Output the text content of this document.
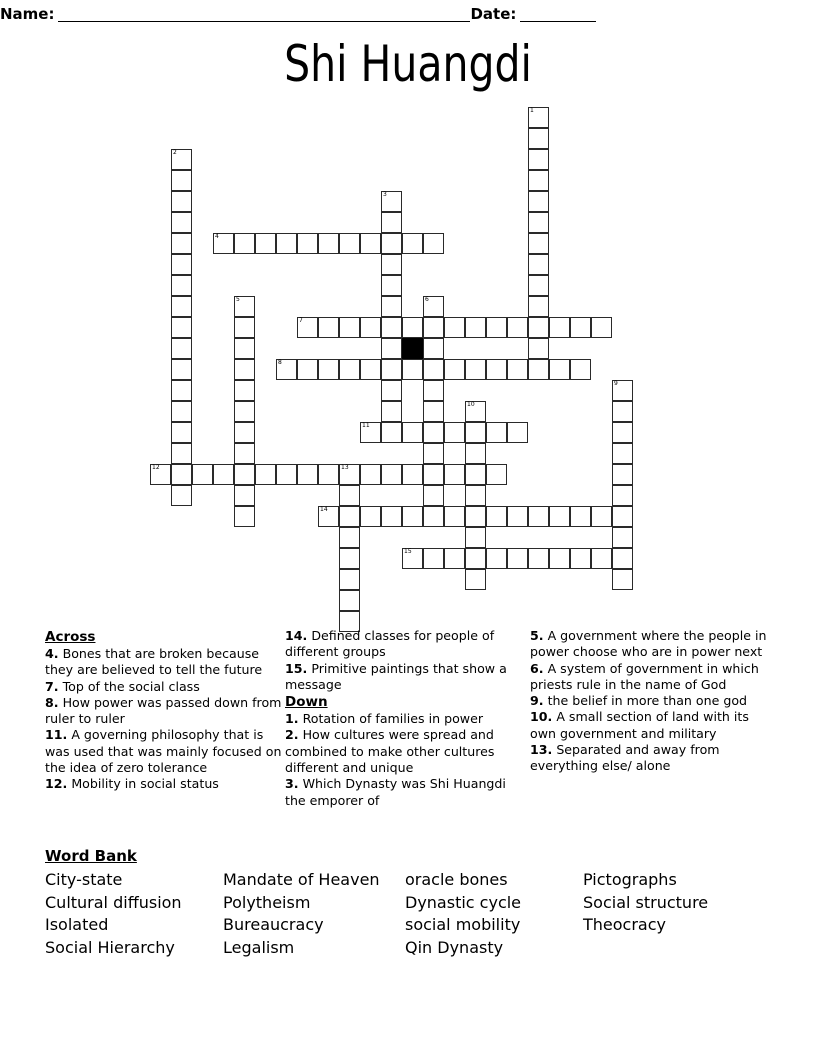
Name:	Date:
Shi Huangdi
1
2
3
4
5	6
7
8
9
10
11
12	13
14
15
Across
4. Bones that are broken because they are believed to tell the future
7. Top of the social class
8. How power was passed down from ruler to ruler
11. A governing philosophy that is was used that was mainly focused on the idea of zero tolerance
12. Mobility in social status
14. Defined classes for people of different groups
15. Primitive paintings that show a message
Down
1. Rotation of families in power
2. How cultures were spread and combined to make other cultures different and unique
3. Which Dynasty was Shi Huangdi the emporer of
5. A government where the people in power choose who are in power next
6. A system of government in which priests rule in the name of God
9. the belief in more than one god
10. A small section of land with its own government and military
13. Separated and away from everything else/ alone
Word Bank
City-state	Mandate of Heaven	oracle bones	Pictographs
Cultural diffusion	Polytheism	Dynastic cycle	Social structure
Isolated	Bureaucracy	social mobility	Theocracy
Social Hierarchy	Legalism	Qin Dynasty
